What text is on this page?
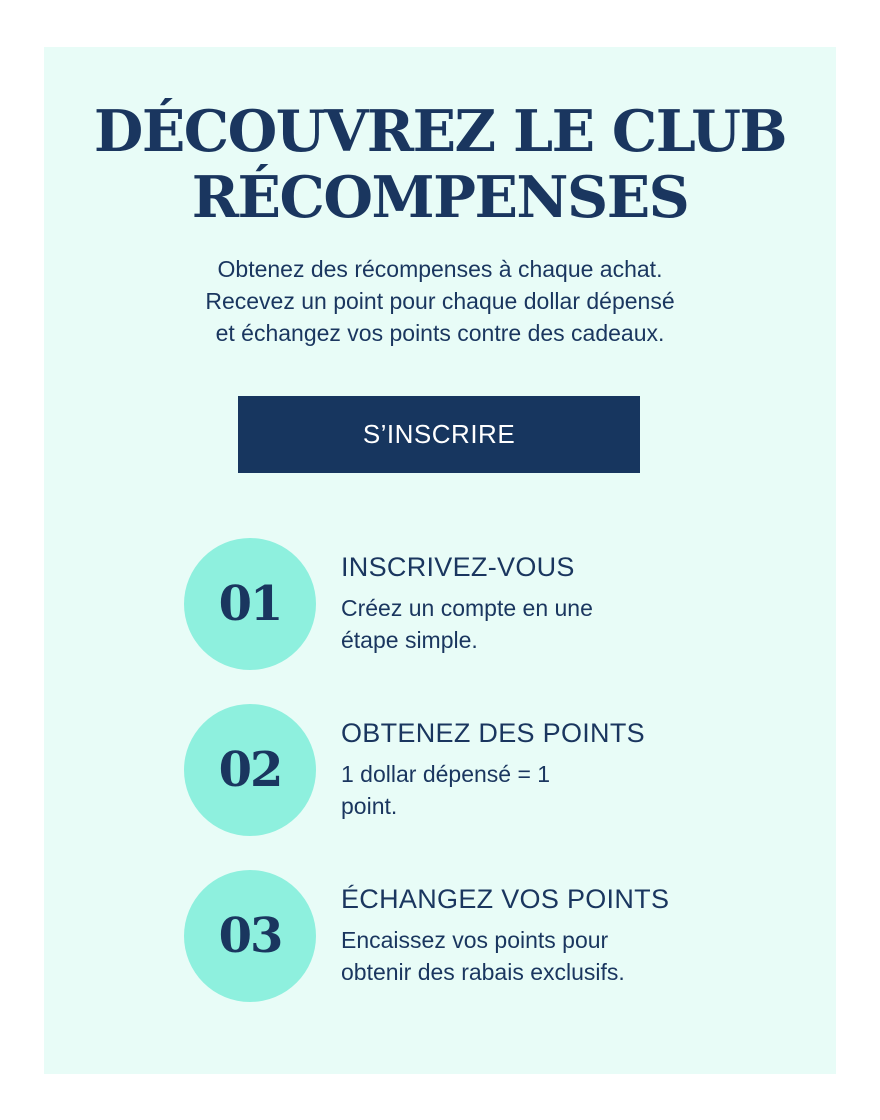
DÉCOUVREZ LE CLUB
RÉCOMPENSES

Obtenez des récompenses à chaque achat.
Recevez un point pour chaque dollar dépensé
et échangez vos points contre des cadeaux.

S’INSCRIRE
01
INSCRIVEZ-VOUS
Créez un compte en une
étape simple.
02
OBTENEZ DES POINTS
1 dollar dépensé = 1
point.
03
ÉCHANGEZ VOS POINTS
Encaissez vos points pour
obtenir des rabais exclusifs.
